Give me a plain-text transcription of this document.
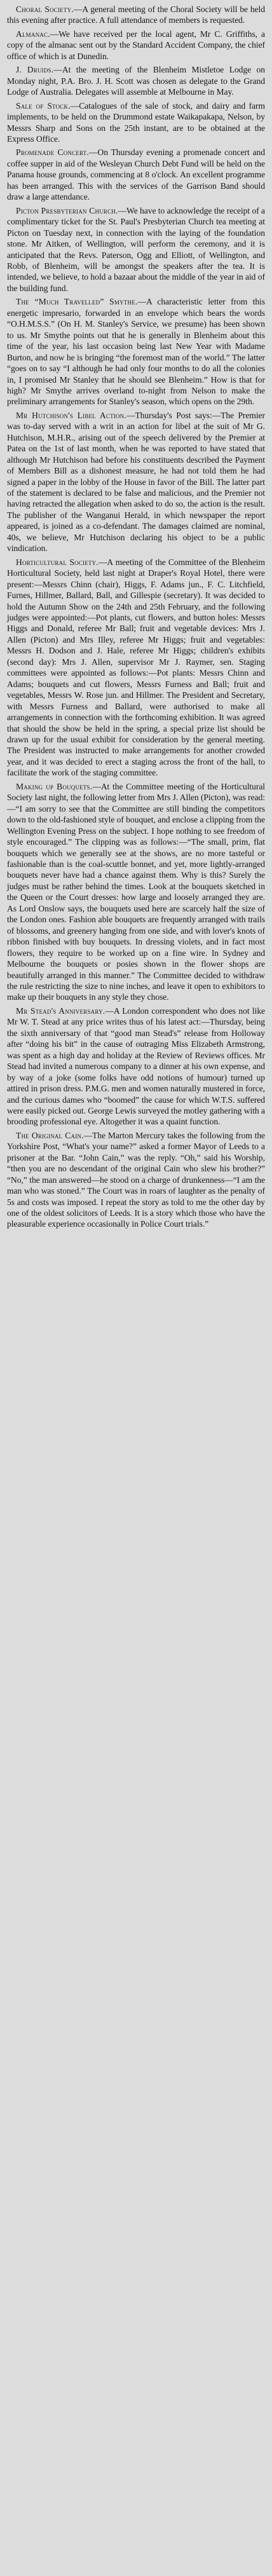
Choral Society.—A general meeting of the Choral Society will be held this evening after practice. A full attendance of members is requested.

Almanac.—We have received per the local agent, Mr C. Griffiths, a copy of the almanac sent out by the Standard Accident Company, the chief office of which is at Dunedin.

J. Druids.—At the meeting of the Blenheim Mistletoe Lodge on Monday night, P.A. Bro. J. H. Scott was chosen as delegate to the Grand Lodge of Australia. Delegates will assemble at Melbourne in May.

Sale of Stock.—Catalogues of the sale of stock, and dairy and farm implements, to be held on the Drummond estate Waikapakapa, Nelson, by Messrs Sharp and Sons on the 25th instant, are to be obtained at the Express Office.

Promenade Concert.—On Thursday evening a promenade concert and coffee supper in aid of the Wesleyan Church Debt Fund will be held on the Panama house grounds, commencing at 8 o'clock. An excellent programme has been arranged. This with the services of the Garrison Band should draw a large attendance.

Picton Presbyterian Church.—We have to acknowledge the receipt of a complimentary ticket for the St. Paul's Presbyterian Church tea meeting at Picton on Tuesday next, in connection with the laying of the foundation stone. Mr Aitken, of Wellington, will perform the ceremony, and it is anticipated that the Revs. Paterson, Ogg and Elliott, of Wellington, and Robb, of Blenheim, will be amongst the speakers after the tea. It is intended, we believe, to hold a bazaar about the middle of the year in aid of the building fund.

The “Much Travelled” Smythe.—A characteristic letter from this energetic impresario, forwarded in an envelope which bears the words “O.H.M.S.S.” (On H. M. Stanley's Service, we presume) has been shown to us. Mr Smythe points out that he is generally in Blenheim about this time of the year, his last occasion being last New Year with Madame Burton, and now he is bringing “the foremost man of the world.” The latter “goes on to say “I although he had only four months to do all the colonies in, I promised Mr Stanley that he should see Blenheim.” How is that for high? Mr Smythe arrives overland to-night from Nelson to make the preliminary arrangements for Stanley's season, which opens on the 29th.

Mr Hutchison's Libel Action.—Thursday's Post says:—The Premier was to-day served with a writ in an action for libel at the suit of Mr G. Hutchison, M.H.R., arising out of the speech delivered by the Premier at Patea on the 1st of last month, when he was reported to have stated that although Mr Hutchison had before his constituents described the Payment of Members Bill as a dishonest measure, he had not told them he had signed a paper in the lobby of the House in favor of the Bill. The latter part of the statement is declared to be false and malicious, and the Premier not having retracted the allegation when asked to do so, the action is the result. The publisher of the Wanganui Herald, in which newspaper the report appeared, is joined as a co-defendant. The damages claimed are nominal, 40s, we believe, Mr Hutchison declaring his object to be a public vindication.

Horticultural Society.—A meeting of the Committee of the Blenheim Horticultural Society, held last night at Draper's Royal Hotel, there were present:—Messrs Chinn (chair), Higgs, F. Adams jun., F. C. Litchfield, Furnes, Hillmer, Ballard, Ball, and Gillespie (secretary). It was decided to hold the Autumn Show on the 24th and 25th February, and the following judges were appointed:—Pot plants, cut flowers, and button holes: Messrs Higgs and Donald, referee Mr Ball; fruit and vegetable devices: Mrs J. Allen (Picton) and Mrs Illey, referee Mr Higgs; fruit and vegetables: Messrs H. Dodson and J. Hale, referee Mr Higgs; children's exhibits (second day): Mrs J. Allen, supervisor Mr J. Raymer, sen. Staging committees were appointed as follows:—Pot plants: Messrs Chinn and Adams; bouquets and cut flowers, Messrs Furness and Ball; fruit and vegetables, Messrs W. Rose jun. and Hillmer. The President and Secretary, with Messrs Furness and Ballard, were authorised to make all arrangements in connection with the forthcoming exhibition. It was agreed that should the show be held in the spring, a special prize list should be drawn up for the usual exhibit for consideration by the general meeting. The President was instructed to make arrangements for another crowded year, and it was decided to erect a staging across the front of the hall, to facilitate the work of the staging committee.

Making up Bouquets.—At the Committee meeting of the Horticultural Society last night, the following letter from Mrs J. Allen (Picton), was read:—“I am sorry to see that the Committee are still binding the competitors down to the old-fashioned style of bouquet, and enclose a clipping from the Wellington Evening Press on the subject. I hope nothing to see freedom of style encouraged.” The clipping was as follows:—“The small, prim, flat bouquets which we generally see at the shows, are no more tasteful or fashionable than is the coal-scuttle bonnet, and yet, more lightly-arranged bouquets never have had a chance against them. Why is this? Surely the judges must be rather behind the times. Look at the bouquets sketched in the Queen or the Court dresses: how large and loosely arranged they are. As Lord Onslow says, the bouquets used here are scarcely half the size of the London ones. Fashion able bouquets are frequently arranged with trails of blossoms, and greenery hanging from one side, and with lover's knots of ribbon finished with buy bouquets. In dressing violets, and in fact most flowers, they require to be worked up on a fine wire. In Sydney and Melbourne the bouquets or posies shown in the flower shops are beautifully arranged in this manner.” The Committee decided to withdraw the rule restricting the size to nine inches, and leave it open to exhibitors to make up their bouquets in any style they chose.

Mr Stead's Anniversary.—A London correspondent who does not like Mr W. T. Stead at any price writes thus of his latest act:—Thursday, being the sixth anniversary of that “good man Stead's” release from Holloway after “doing his bit” in the cause of outraging Miss Elizabeth Armstrong, was spent as a high day and holiday at the Review of Reviews offices. Mr Stead had invited a numerous company to a dinner at his own expense, and by way of a joke (some folks have odd notions of humour) turned up attired in prison dress. P.M.G. men and women naturally mustered in force, and the curious dames who “boomed” the cause for which W.T.S. suffered were easily picked out. George Lewis surveyed the motley gathering with a brooding professional eye. Altogether it was a quaint function.

The Original Cain.—The Marton Mercury takes the following from the Yorkshire Post, “What's your name?” asked a former Mayor of Leeds to a prisoner at the Bar. “John Cain,” was the reply. “Oh,” said his Worship, “then you are no descendant of the original Cain who slew his brother?” “No,” the man answered—he stood on a charge of drunkenness—“I am the man who was stoned.” The Court was in roars of laughter as the penalty of 5s and costs was imposed. I repeat the story as told to me the other day by one of the oldest solicitors of Leeds. It is a story which those who have the pleasurable experience occasionally in Police Court trials.”
